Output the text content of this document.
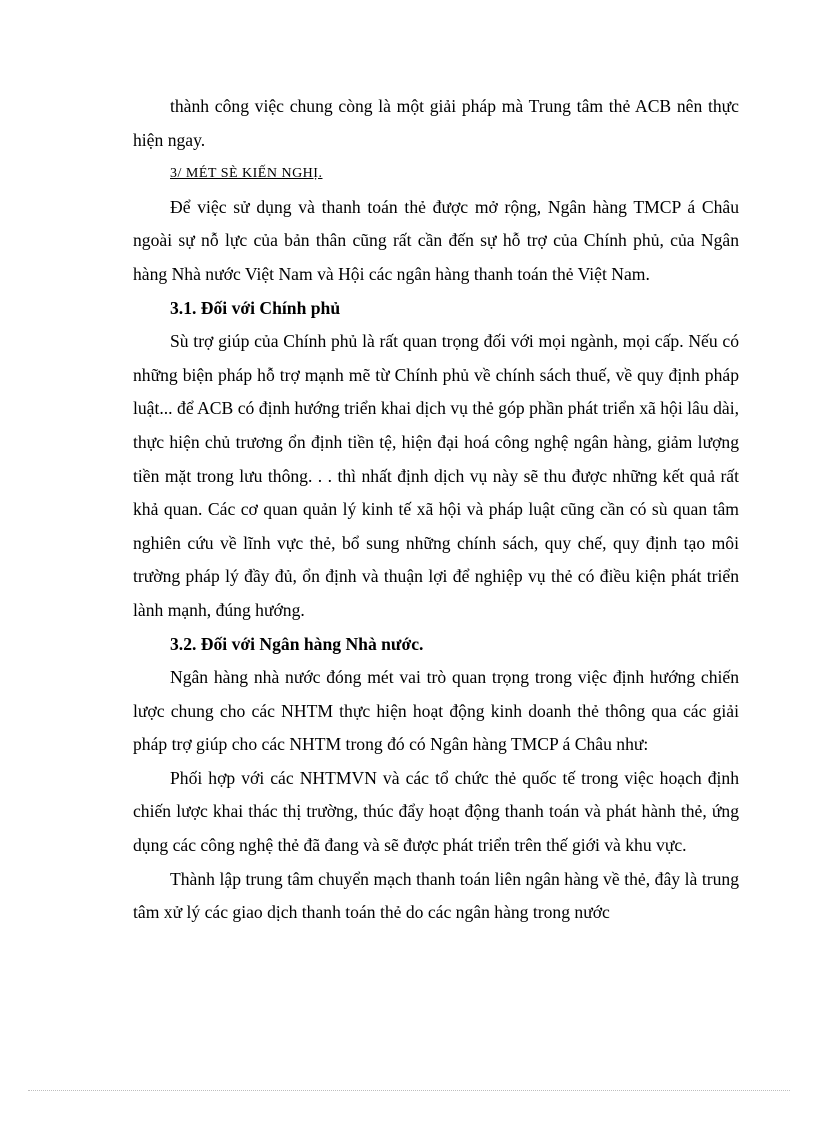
thành công việc chung còng là một giải pháp mà Trung tâm thẻ ACB nên thực hiện ngay.

3/ MÉT SÈ KIẾN NGHỊ.

Để việc sử dụng và thanh toán thẻ được mở rộng, Ngân hàng TMCP á Châu ngoài sự nỗ lực của bản thân cũng rất cần đến sự hỗ trợ của Chính phủ, của Ngân hàng Nhà nước Việt Nam và Hội các ngân hàng thanh toán thẻ Việt Nam.

3.1. Đối với Chính phủ

Sù trợ giúp của Chính phủ là rất quan trọng đối với mọi ngành, mọi cấp. Nếu có những biện pháp hỗ trợ mạnh mẽ từ Chính phủ về chính sách thuế, về quy định pháp luật... để ACB có định hướng triển khai dịch vụ thẻ góp phần phát triển xã hội lâu dài, thực hiện chủ trương ổn định tiền tệ, hiện đại hoá công nghệ ngân hàng, giảm lượng tiền mặt trong lưu thông. . . thì nhất định dịch vụ này sẽ thu được những kết quả rất khả quan. Các cơ quan quản lý kinh tế xã hội và pháp luật cũng cần có sù quan tâm nghiên cứu về lĩnh vực thẻ, bổ sung những chính sách, quy chế, quy định tạo môi trường pháp lý đầy đủ, ổn định và thuận lợi để nghiệp vụ thẻ có điều kiện phát triển lành mạnh, đúng hướng.

3.2. Đối với Ngân hàng Nhà nước.

Ngân hàng nhà nước đóng mét vai trò quan trọng trong việc định hướng chiến lược chung cho các NHTM thực hiện hoạt động kinh doanh thẻ thông qua các giải pháp trợ giúp cho các NHTM trong đó có Ngân hàng TMCP á Châu như:

Phối hợp với các NHTMVN và các tổ chức thẻ quốc tế trong việc hoạch định chiến lược khai thác thị trường, thúc đẩy hoạt động thanh toán và phát hành thẻ, ứng dụng các công nghệ thẻ đã đang và sẽ được phát triển trên thế giới và khu vực.

Thành lập trung tâm chuyển mạch thanh toán liên ngân hàng về thẻ, đây là trung tâm xử lý các giao dịch thanh toán thẻ do các ngân hàng trong nước
